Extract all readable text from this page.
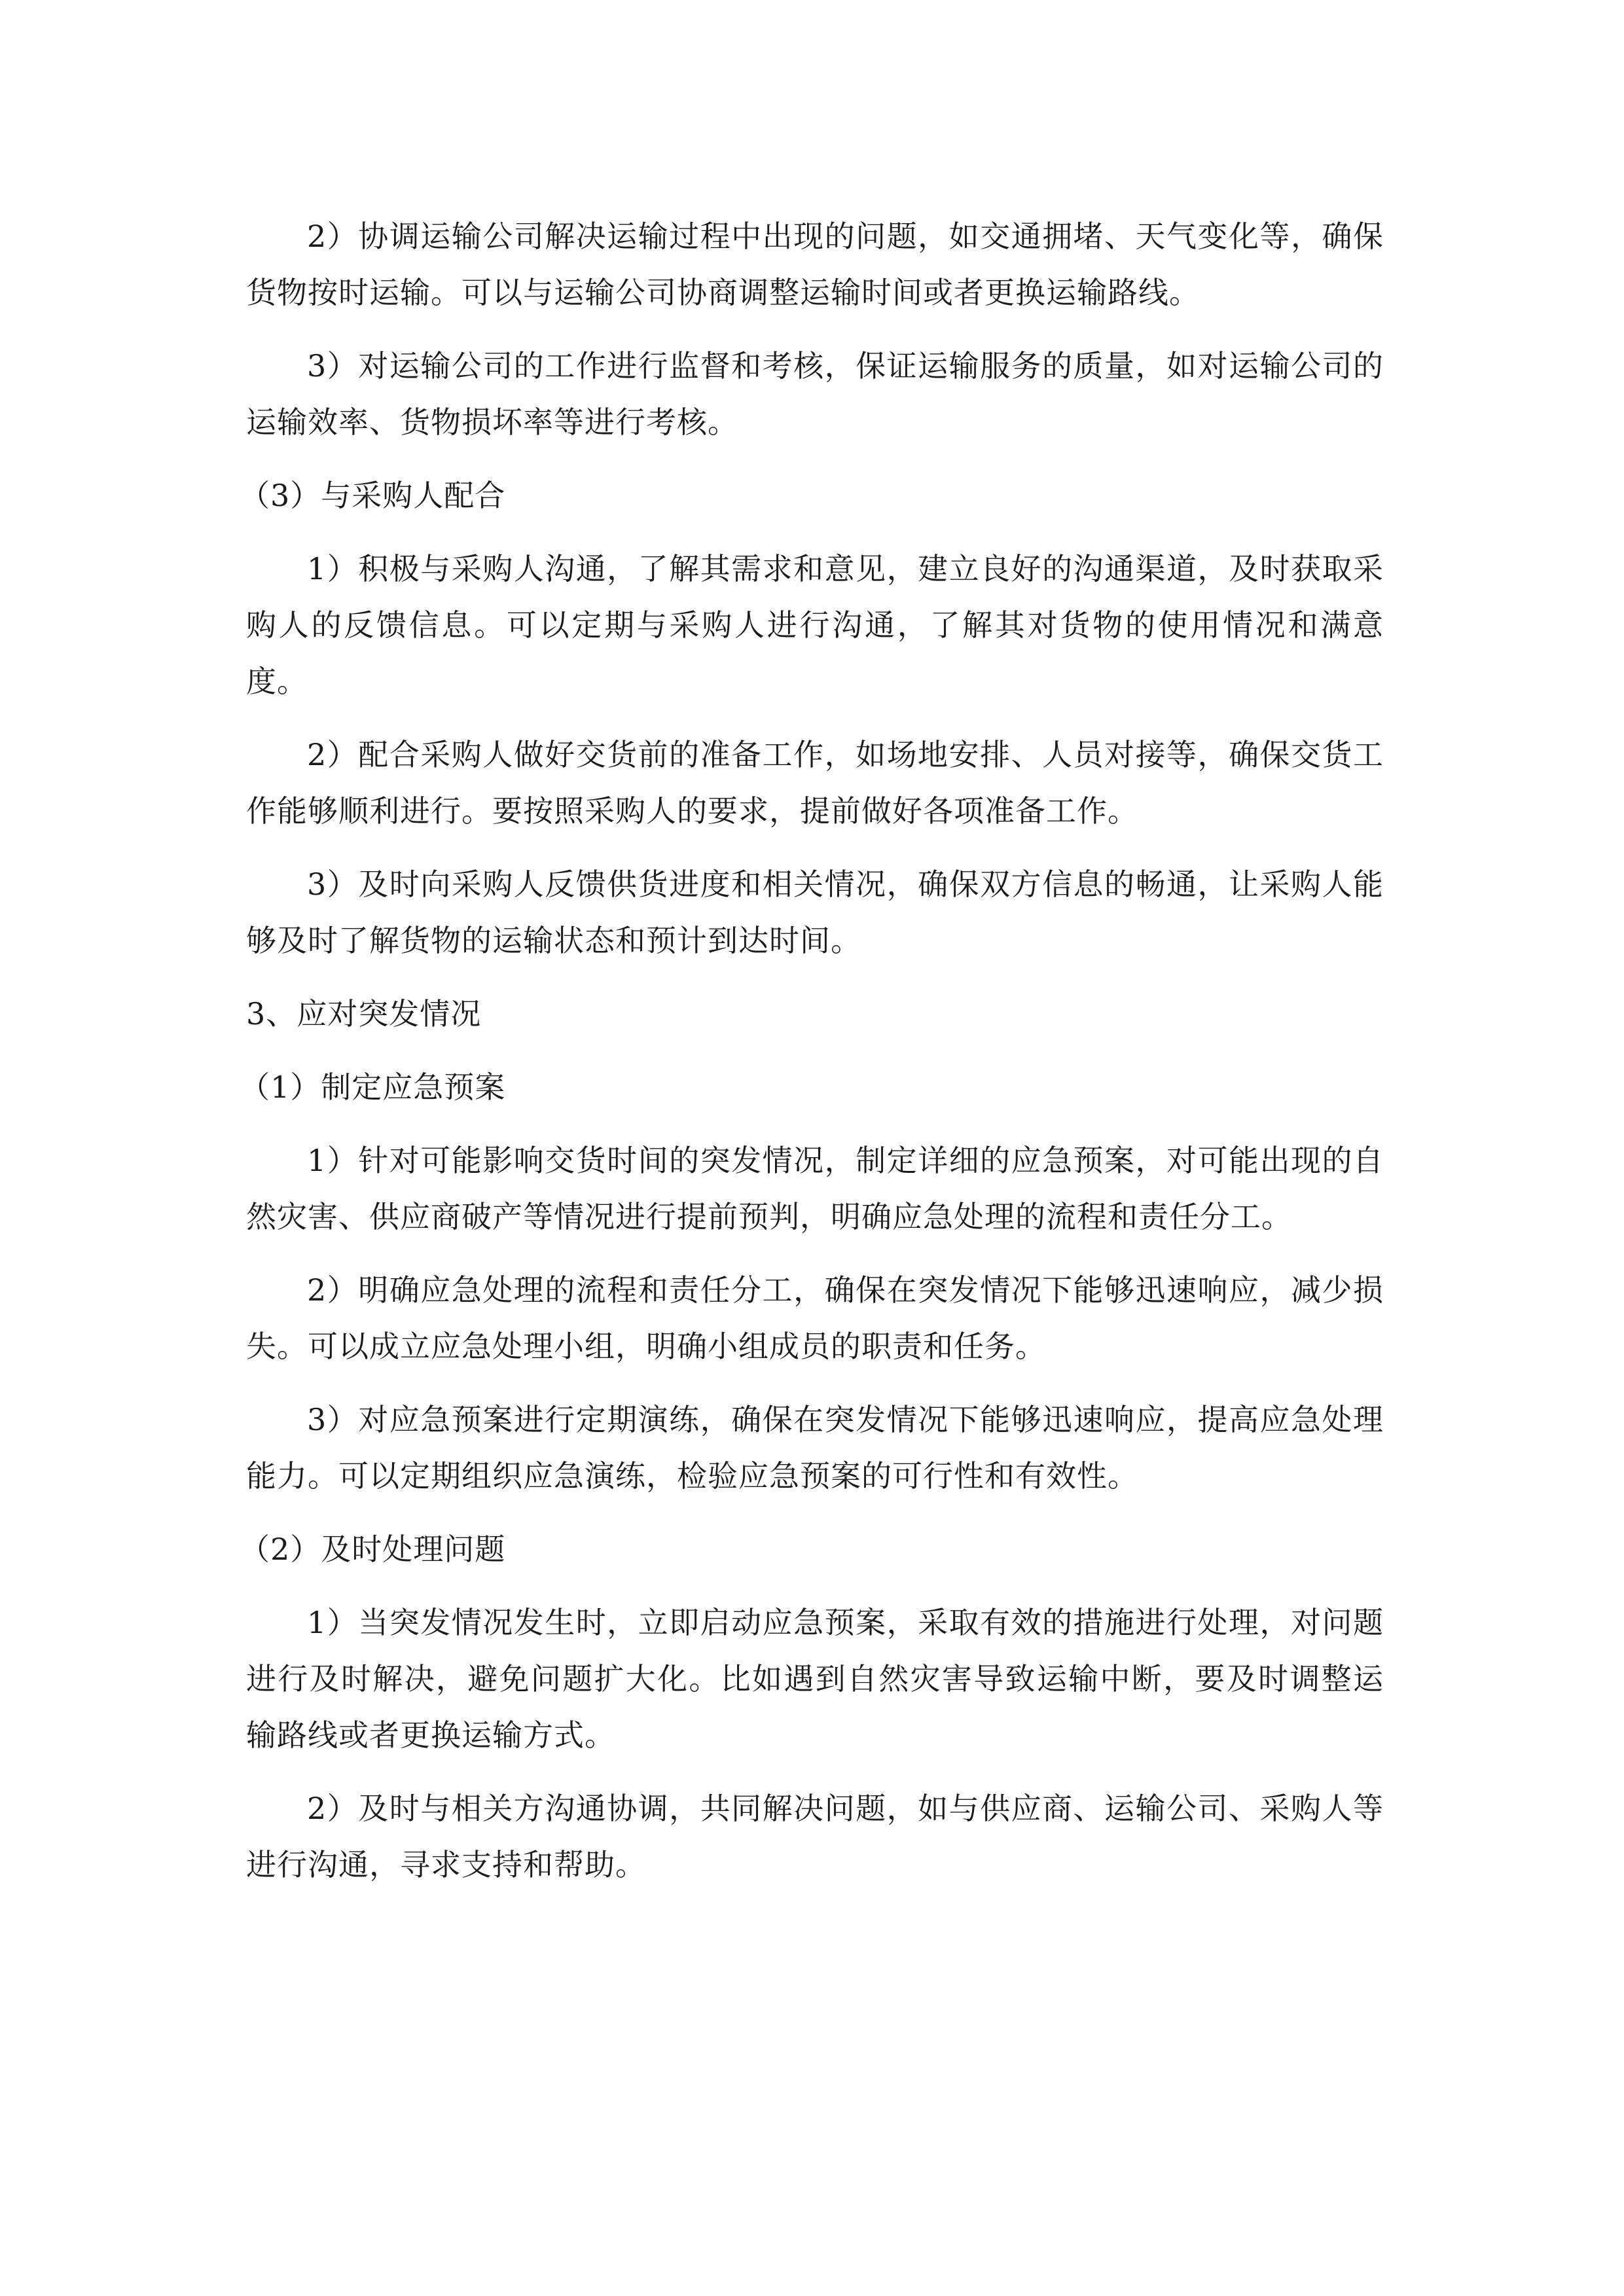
2）协调运输公司解决运输过程中出现的问题，如交通拥堵、天气变化等，确保货物按时运输。可以与运输公司协商调整运输时间或者更换运输路线。

3）对运输公司的工作进行监督和考核，保证运输服务的质量，如对运输公司的运输效率、货物损坏率等进行考核。

（3）与采购人配合

1）积极与采购人沟通，了解其需求和意见，建立良好的沟通渠道，及时获取采购人的反馈信息。可以定期与采购人进行沟通，了解其对货物的使用情况和满意度。

2）配合采购人做好交货前的准备工作，如场地安排、人员对接等，确保交货工作能够顺利进行。要按照采购人的要求，提前做好各项准备工作。

3）及时向采购人反馈供货进度和相关情况，确保双方信息的畅通，让采购人能够及时了解货物的运输状态和预计到达时间。

3、应对突发情况

（1）制定应急预案

1）针对可能影响交货时间的突发情况，制定详细的应急预案，对可能出现的自然灾害、供应商破产等情况进行提前预判，明确应急处理的流程和责任分工。

2）明确应急处理的流程和责任分工，确保在突发情况下能够迅速响应，减少损失。可以成立应急处理小组，明确小组成员的职责和任务。

3）对应急预案进行定期演练，确保在突发情况下能够迅速响应，提高应急处理能力。可以定期组织应急演练，检验应急预案的可行性和有效性。

（2）及时处理问题

1）当突发情况发生时，立即启动应急预案，采取有效的措施进行处理，对问题进行及时解决，避免问题扩大化。比如遇到自然灾害导致运输中断，要及时调整运输路线或者更换运输方式。

2）及时与相关方沟通协调，共同解决问题，如与供应商、运输公司、采购人等进行沟通，寻求支持和帮助。
